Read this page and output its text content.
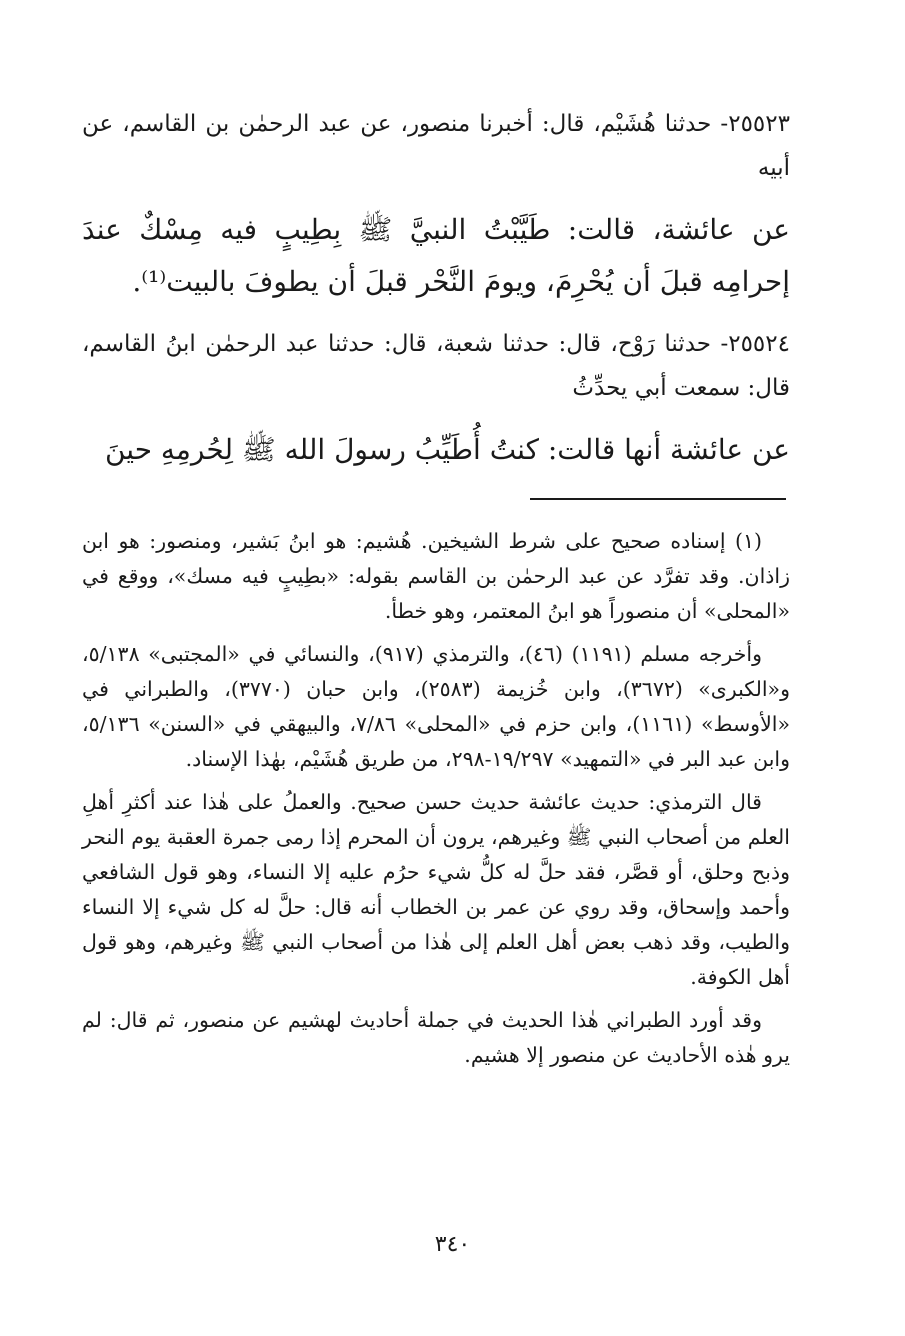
٢٥٥٢٣- حدثنا هُشَيْم، قال: أخبرنا منصور، عن عبد الرحمٰن بن القاسم، عن أبيه

عن عائشة، قالت: طَيَّبْتُ النبيَّ ﷺ بِطِيبٍ فيه مِسْكٌ عندَ إحرامِه قبلَ أن يُحْرِمَ، ويومَ النَّحْر قبلَ أن يطوفَ بالبيت⁽¹⁾.

٢٥٥٢٤- حدثنا رَوْح، قال: حدثنا شعبة، قال: حدثنا عبد الرحمٰن ابنُ القاسم، قال: سمعت أبي يحدِّثُ

عن عائشة أنها قالت: كنتُ أُطَيِّبُ رسولَ الله ﷺ لِحُرمِهِ حينَ

(١) إسناده صحيح على شرط الشيخين. هُشيم: هو ابنُ بَشير، ومنصور: هو ابن زاذان. وقد تفرَّد عن عبد الرحمٰن بن القاسم بقوله: «بطِيبٍ فيه مسك»، ووقع في «المحلى» أن منصوراً هو ابنُ المعتمر، وهو خطأ.

وأخرجه مسلم (١١٩١) (٤٦)، والترمذي (٩١٧)، والنسائي في «المجتبى» ٥/١٣٨، و«الكبرى» (٣٦٧٢)، وابن خُزيمة (٢٥٨٣)، وابن حبان (٣٧٧٠)، والطبراني في «الأوسط» (١١٦١)، وابن حزم في «المحلى» ٧/٨٦، والبيهقي في «السنن» ٥/١٣٦، وابن عبد البر في «التمهيد» ١٩/٢٩٧-٢٩٨، من طريق هُشَيْم، بهٰذا الإسناد.

قال الترمذي: حديث عائشة حديث حسن صحيح. والعملُ على هٰذا عند أكثرِ أهلِ العلم من أصحاب النبي ﷺ وغيرهم، يرون أن المحرم إذا رمى جمرة العقبة يوم النحر وذبح وحلق، أو قصَّر، فقد حلَّ له كلُّ شيء حرُم عليه إلا النساء، وهو قول الشافعي وأحمد وإسحاق، وقد روي عن عمر بن الخطاب أنه قال: حلَّ له كل شيء إلا النساء والطيب، وقد ذهب بعض أهل العلم إلى هٰذا من أصحاب النبي ﷺ وغيرهم، وهو قول أهل الكوفة.

وقد أورد الطبراني هٰذا الحديث في جملة أحاديث لهشيم عن منصور، ثم قال: لم يرو هٰذه الأحاديث عن منصور إلا هشيم.

٣٤٠
